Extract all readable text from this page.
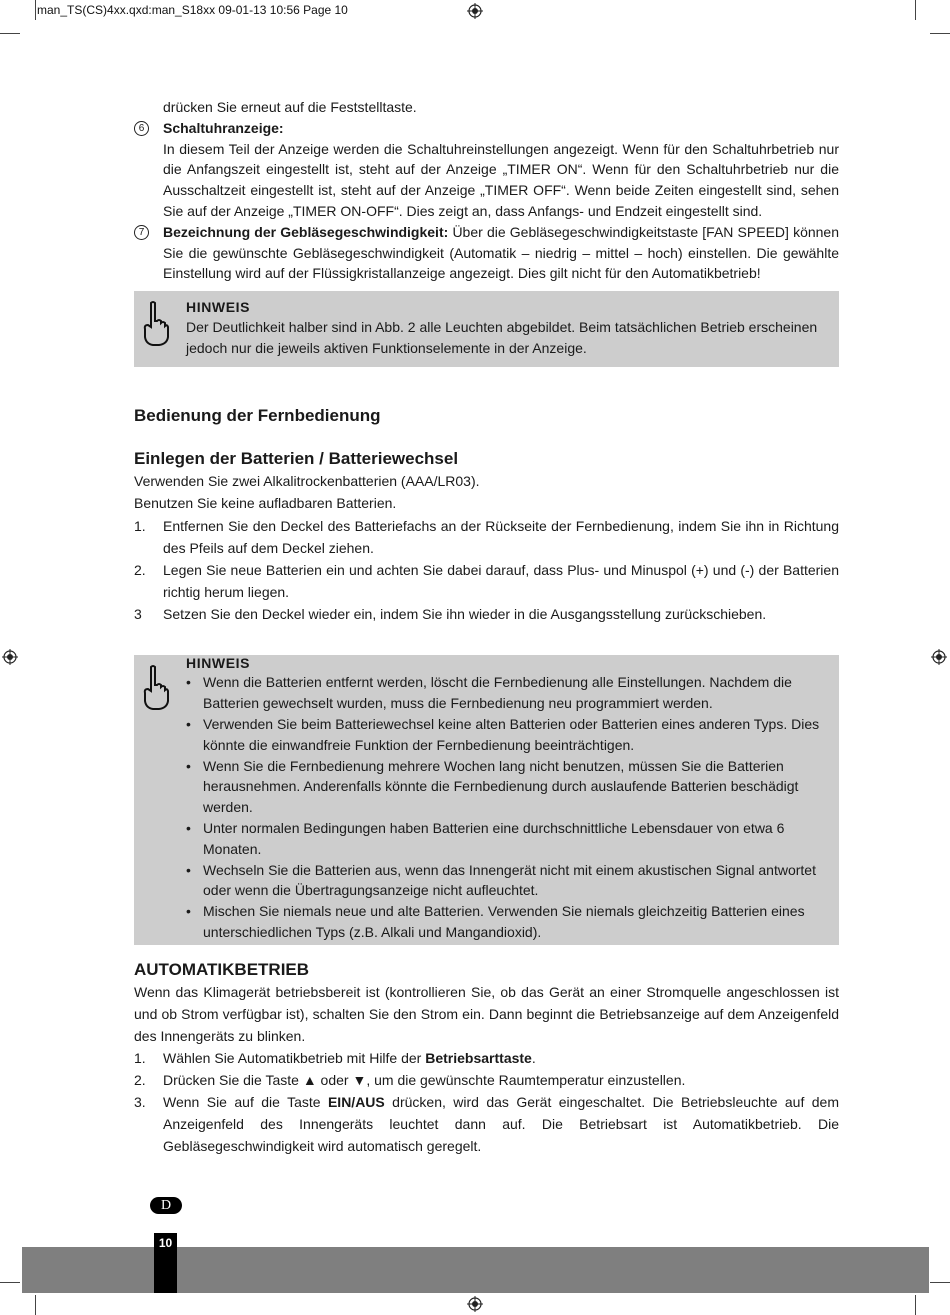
man_TS(CS)4xx.qxd:man_S18xx 09-01-13 10:56 Page 10

drücken Sie erneut auf die Feststelltaste.

6	Schaltuhranzeige:
In diesem Teil der Anzeige werden die Schaltuhreinstellungen angezeigt. Wenn für den Schaltuhrbetrieb nur die Anfangszeit eingestellt ist, steht auf der Anzeige „TIMER ON“. Wenn für den Schaltuhrbetrieb nur die Ausschaltzeit eingestellt ist, steht auf der Anzeige „TIMER OFF“. Wenn beide Zeiten eingestellt sind, sehen Sie auf der Anzeige „TIMER ON-OFF“. Dies zeigt an, dass Anfangs- und Endzeit eingestellt sind.
7	Bezeichnung der Gebläsegeschwindigkeit: Über die Gebläsegeschwindigkeitstaste [FAN SPEED] können Sie die gewünschte Gebläsegeschwindigkeit (Automatik – niedrig – mittel – hoch) einstellen. Die gewählte Einstellung wird auf der Flüssigkristallanzeige angezeigt. Dies gilt nicht für den Automatikbetrieb!
HINWEIS

Der Deutlichkeit halber sind in Abb. 2 alle Leuchten abgebildet. Beim tatsächlichen Betrieb erscheinen jedoch nur die jeweils aktiven Funktionselemente in der Anzeige.

Bedienung der Fernbedienung
Einlegen der Batterien / Batteriewechsel

Verwenden Sie zwei Alkalitrockenbatterien (AAA/LR03).

Benutzen Sie keine aufladbaren Batterien.

1. Entfernen Sie den Deckel des Batteriefachs an der Rückseite der Fernbedienung, indem Sie ihn in Richtung des Pfeils auf dem Deckel ziehen.
2. Legen Sie neue Batterien ein und achten Sie dabei darauf, dass Plus- und Minuspol (+) und (-) der Batterien richtig herum liegen.
3 Setzen Sie den Deckel wieder ein, indem Sie ihn wieder in die Ausgangsstellung zurückschieben.
HINWEIS
• Wenn die Batterien entfernt werden, löscht die Fernbedienung alle Einstellungen. Nachdem die Batterien gewechselt wurden, muss die Fernbedienung neu programmiert werden.
• Verwenden Sie beim Batteriewechsel keine alten Batterien oder Batterien eines anderen Typs. Dies könnte die einwandfreie Funktion der Fernbedienung beeinträchtigen.
• Wenn Sie die Fernbedienung mehrere Wochen lang nicht benutzen, müssen Sie die Batterien herausnehmen. Anderenfalls könnte die Fernbedienung durch auslaufende Batterien beschädigt werden.
• Unter normalen Bedingungen haben Batterien eine durchschnittliche Lebensdauer von etwa 6 Monaten.
• Wechseln Sie die Batterien aus, wenn das Innengerät nicht mit einem akustischen Signal antwortet oder wenn die Übertragungsanzeige nicht aufleuchtet.
• Mischen Sie niemals neue und alte Batterien. Verwenden Sie niemals gleichzeitig Batterien eines unterschiedlichen Typs (z.B. Alkali und Mangandioxid).
AUTOMATIKBETRIEB

Wenn das Klimagerät betriebsbereit ist (kontrollieren Sie, ob das Gerät an einer Stromquelle angeschlossen ist und ob Strom verfügbar ist), schalten Sie den Strom ein. Dann beginnt die Betriebsanzeige auf dem Anzeigenfeld des Innengeräts zu blinken.

1. Wählen Sie Automatikbetrieb mit Hilfe der Betriebsarttaste.
2. Drücken Sie die Taste ▲ oder ▼, um die gewünschte Raumtemperatur einzustellen.
3. Wenn Sie auf die Taste EIN/AUS drücken, wird das Gerät eingeschaltet. Die Betriebsleuchte auf dem Anzeigenfeld des Innengeräts leuchtet dann auf. Die Betriebsart ist Automatikbetrieb. Die Gebläsegeschwindigkeit wird automatisch geregelt.
D
10
